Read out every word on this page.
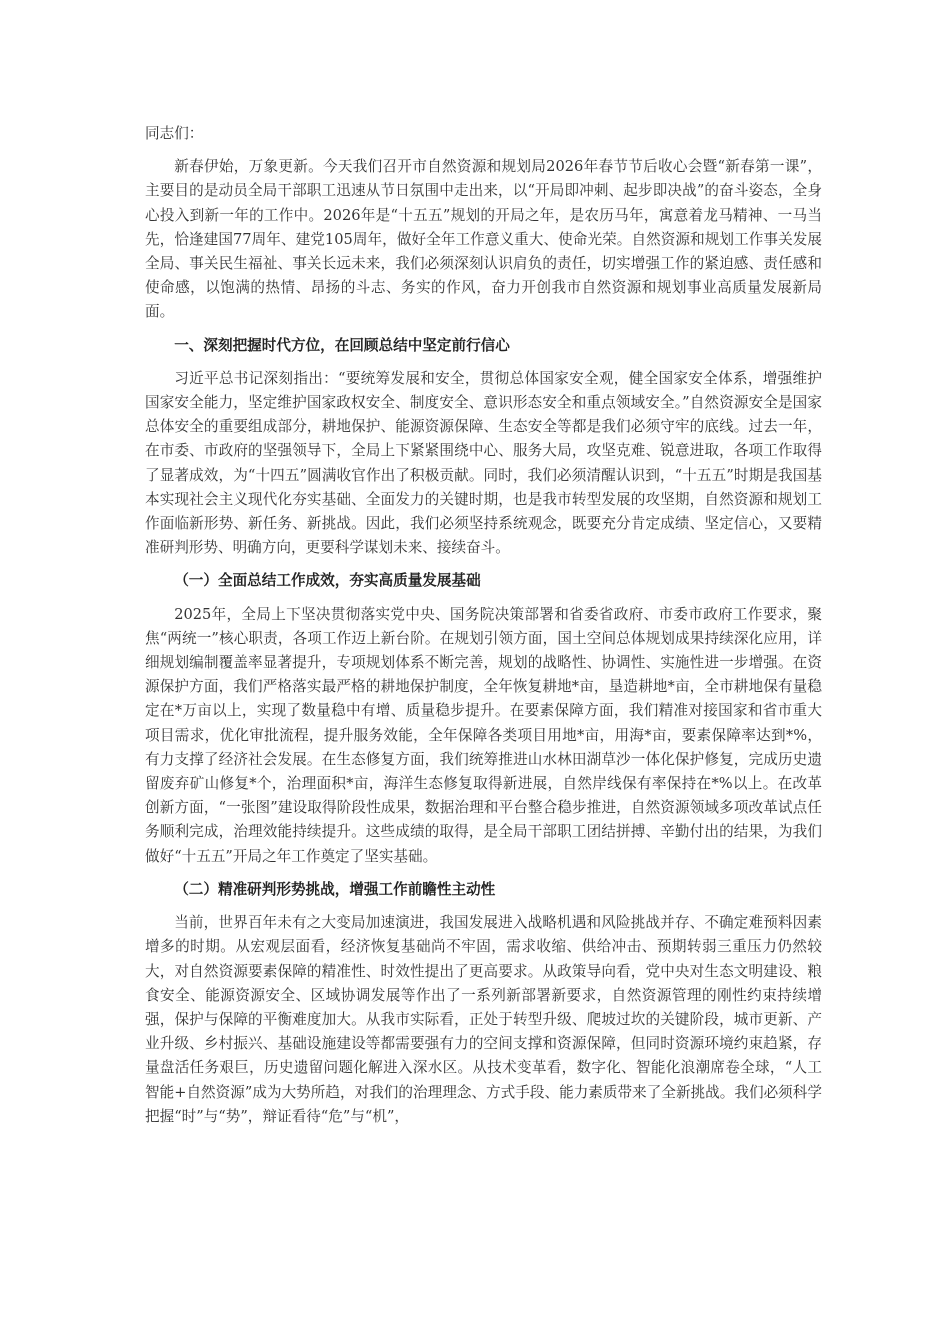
同志们：

新春伊始，万象更新。今天我们召开市自然资源和规划局2026年春节节后收心会暨“新春第一课”，主要目的是动员全局干部职工迅速从节日氛围中走出来，以“开局即冲刺、起步即决战”的奋斗姿态，全身心投入到新一年的工作中。2026年是“十五五”规划的开局之年，是农历马年，寓意着龙马精神、一马当先，恰逢建国77周年、建党105周年，做好全年工作意义重大、使命光荣。自然资源和规划工作事关发展全局、事关民生福祉、事关长远未来，我们必须深刻认识肩负的责任，切实增强工作的紧迫感、责任感和使命感，以饱满的热情、昂扬的斗志、务实的作风，奋力开创我市自然资源和规划事业高质量发展新局面。

一、深刻把握时代方位，在回顾总结中坚定前行信心

习近平总书记深刻指出：“要统筹发展和安全，贯彻总体国家安全观，健全国家安全体系，增强维护国家安全能力，坚定维护国家政权安全、制度安全、意识形态安全和重点领域安全。”自然资源安全是国家总体安全的重要组成部分，耕地保护、能源资源保障、生态安全等都是我们必须守牢的底线。过去一年，在市委、市政府的坚强领导下，全局上下紧紧围绕中心、服务大局，攻坚克难、锐意进取，各项工作取得了显著成效，为“十四五”圆满收官作出了积极贡献。同时，我们必须清醒认识到，“十五五”时期是我国基本实现社会主义现代化夯实基础、全面发力的关键时期，也是我市转型发展的攻坚期，自然资源和规划工作面临新形势、新任务、新挑战。因此，我们必须坚持系统观念，既要充分肯定成绩、坚定信心，又要精准研判形势、明确方向，更要科学谋划未来、接续奋斗。

（一）全面总结工作成效，夯实高质量发展基础

2025年，全局上下坚决贯彻落实党中央、国务院决策部署和省委省政府、市委市政府工作要求，聚焦“两统一”核心职责，各项工作迈上新台阶。在规划引领方面，国土空间总体规划成果持续深化应用，详细规划编制覆盖率显著提升，专项规划体系不断完善，规划的战略性、协调性、实施性进一步增强。在资源保护方面，我们严格落实最严格的耕地保护制度，全年恢复耕地*亩，垦造耕地*亩，全市耕地保有量稳定在*万亩以上，实现了数量稳中有增、质量稳步提升。在要素保障方面，我们精准对接国家和省市重大项目需求，优化审批流程，提升服务效能，全年保障各类项目用地*亩，用海*亩，要素保障率达到*%，有力支撑了经济社会发展。在生态修复方面，我们统筹推进山水林田湖草沙一体化保护修复，完成历史遗留废弃矿山修复*个，治理面积*亩，海洋生态修复取得新进展，自然岸线保有率保持在*%以上。在改革创新方面，“一张图”建设取得阶段性成果，数据治理和平台整合稳步推进，自然资源领域多项改革试点任务顺利完成，治理效能持续提升。这些成绩的取得，是全局干部职工团结拼搏、辛勤付出的结果，为我们做好“十五五”开局之年工作奠定了坚实基础。

（二）精准研判形势挑战，增强工作前瞻性主动性

当前，世界百年未有之大变局加速演进，我国发展进入战略机遇和风险挑战并存、不确定难预料因素增多的时期。从宏观层面看，经济恢复基础尚不牢固，需求收缩、供给冲击、预期转弱三重压力仍然较大，对自然资源要素保障的精准性、时效性提出了更高要求。从政策导向看，党中央对生态文明建设、粮食安全、能源资源安全、区域协调发展等作出了一系列新部署新要求，自然资源管理的刚性约束持续增强，保护与保障的平衡难度加大。从我市实际看，正处于转型升级、爬坡过坎的关键阶段，城市更新、产业升级、乡村振兴、基础设施建设等都需要强有力的空间支撑和资源保障，但同时资源环境约束趋紧，存量盘活任务艰巨，历史遗留问题化解进入深水区。从技术变革看，数字化、智能化浪潮席卷全球，“人工智能+自然资源”成为大势所趋，对我们的治理理念、方式手段、能力素质带来了全新挑战。我们必须科学把握“时”与“势”，辩证看待“危”与“机”，
